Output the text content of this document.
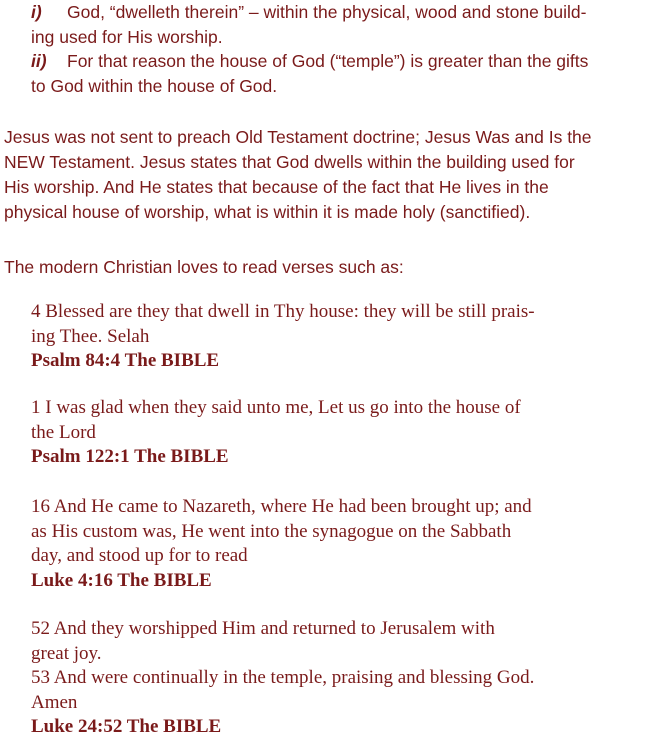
i) God, “dwelleth therein” – within the physical, wood and stone build-
ing used for His worship.
ii) For that reason the house of God (“temple”) is greater than the gifts
to God within the house of God.
Jesus was not sent to preach Old Testament doctrine; Jesus Was and Is the
NEW Testament. Jesus states that God dwells within the building used for
His worship. And He states that because of the fact that He lives in the
physical house of worship, what is within it is made holy (sanctified).
The modern Christian loves to read verses such as:
4 Blessed are they that dwell in Thy house: they will be still prais-
ing Thee. Selah
Psalm 84:4 The BIBLE
1 I was glad when they said unto me, Let us go into the house of
the Lord
Psalm 122:1 The BIBLE
16 And He came to Nazareth, where He had been brought up; and
as His custom was, He went into the synagogue on the Sabbath
day, and stood up for to read
Luke 4:16 The BIBLE
52 And they worshipped Him and returned to Jerusalem with
great joy.
53 And were continually in the temple, praising and blessing God.
Amen
Luke 24:52 The BIBLE
